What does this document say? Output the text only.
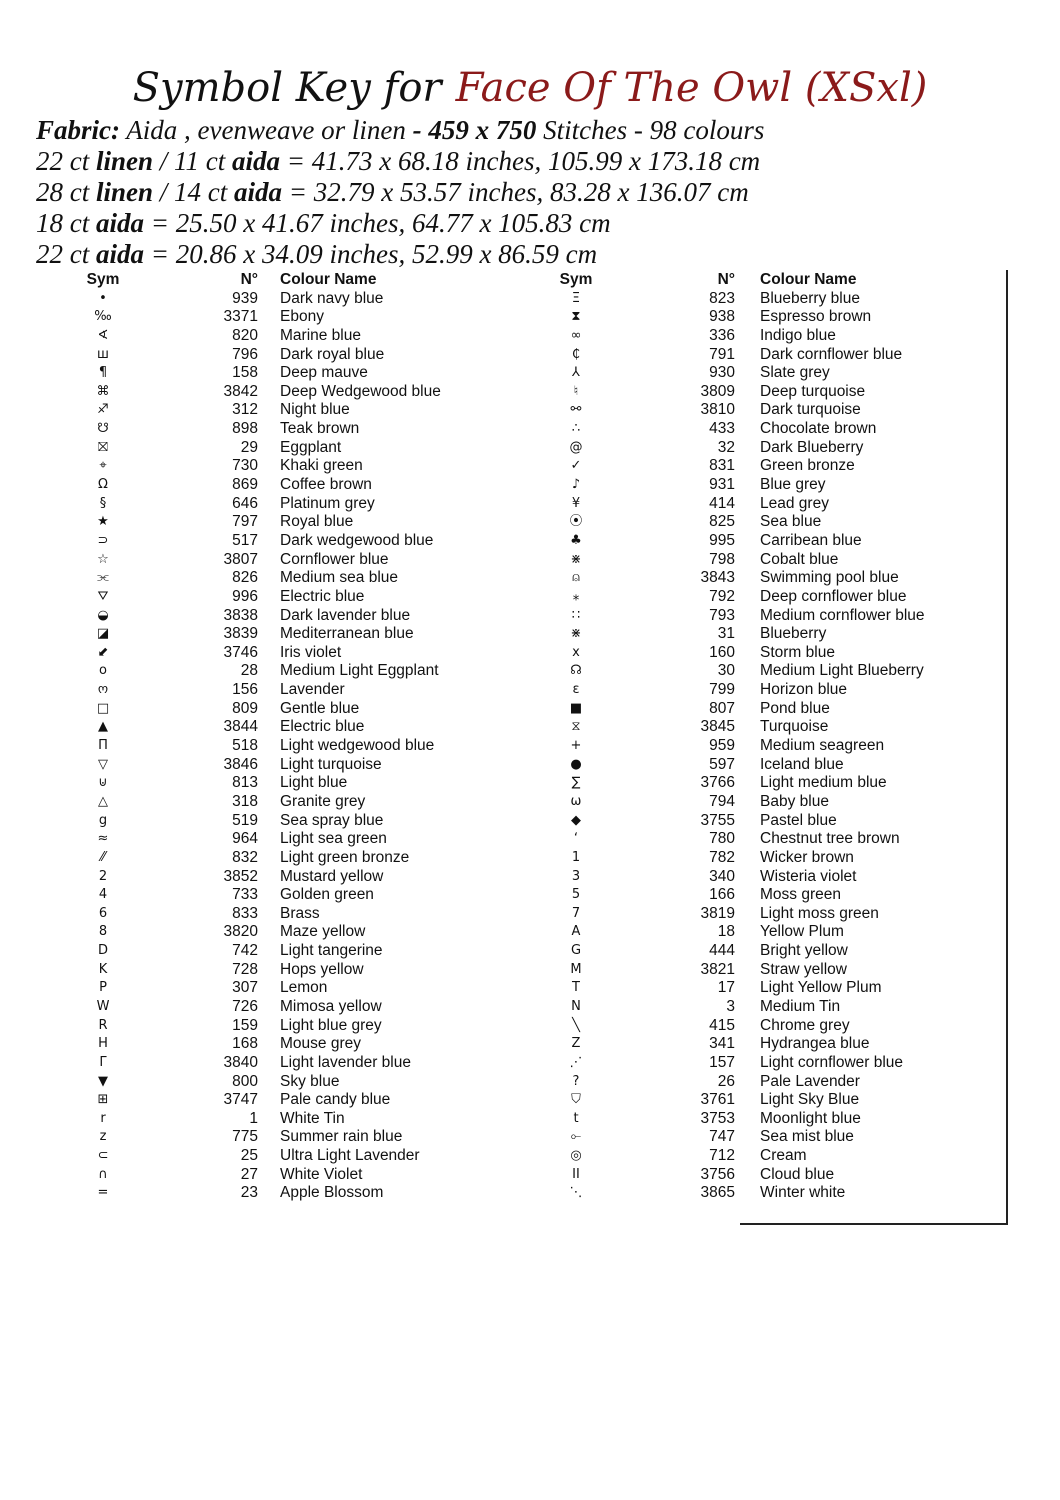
Symbol Key for Face Of The Owl (XSxl)
Fabric: Aida , evenweave or linen - 459 x 750 Stitches - 98 colours
22 ct linen / 11 ct aida = 41.73 x 68.18 inches, 105.99 x 173.18 cm
28 ct linen / 14 ct aida = 32.79 x 53.57 inches, 83.28 x 136.07 cm
18 ct aida = 25.50 x 41.67 inches, 64.77 x 105.83 cm
22 ct aida = 20.86 x 34.09 inches, 52.99 x 86.59 cm
Sym	N° Colour Name
•	939 Dark navy blue
‰	3371 Ebony
∢	820 Marine blue
ш	796 Dark royal blue
¶	158 Deep mauve
⌘	3842 Deep Wedgewood blue
♐	312 Night blue
☋	898 Teak brown
⛝	29 Eggplant
⌖	730 Khaki green
Ω	869 Coffee brown
§	646 Platinum grey
★	797 Royal blue
⊃	517 Dark wedgewood blue
☆	3807 Cornflower blue
⫘	826 Medium sea blue
⛛	996 Electric blue
◒	3838 Dark lavender blue
◪	3839 Mediterranean blue
⬋	3746 Iris violet
o	28 Medium Light Eggplant
ო	156 Lavender
□	809 Gentle blue
▲	3844 Electric blue
Π	518 Light wedgewood blue
▽	3846 Light turquoise
⊍	813 Light blue
△	318 Granite grey
g	519 Sea spray blue
≈	964 Light sea green
⁄⁄	832 Light green bronze
2	3852 Mustard yellow
4	733 Golden green
6	833 Brass
8	3820 Maze yellow
D	742 Light tangerine
K	728 Hops yellow
P	307 Lemon
W	726 Mimosa yellow
R	159 Light blue grey
H	168 Mouse grey
Γ	3840 Light lavender blue
▼	800 Sky blue
⊞	3747 Pale candy blue
r	1 White Tin
z	775 Summer rain blue
⊂	25 Ultra Light Lavender
∩	27 White Violet
=	23 Apple Blossom
Sym	N° Colour Name
Ξ	823 Blueberry blue
⧗	938 Espresso brown
∞	336 Indigo blue
₵	791 Dark cornflower blue
⅄	930 Slate grey
♮	3809 Deep turquoise
⚯	3810 Dark turquoise
∴	433 Chocolate brown
@	32 Dark Blueberry
✓	831 Green bronze
♪	931 Blue grey
¥	414 Lead grey
⦿	825 Sea blue
♣	995 Carribean blue
⋇	798 Cobalt blue
⍝	3843 Swimming pool blue
⁎	792 Deep cornflower blue
∷	793 Medium cornflower blue
⋇	31 Blueberry
x	160 Storm blue
☊	30 Medium Light Blueberry
ε	799 Horizon blue
■	807 Pond blue
⧖	3845 Turquoise
+	959 Medium seagreen
●	597 Iceland blue
∑	3766 Light medium blue
ω	794 Baby blue
◆	3755 Pastel blue
ʻ	780 Chestnut tree brown
1	782 Wicker brown
3	340 Wisteria violet
5	166 Moss green
7	3819 Light moss green
A	18 Yellow Plum
G	444 Bright yellow
M	3821 Straw yellow
T	17 Light Yellow Plum
N	3 Medium Tin
╲	415 Chrome grey
Z	341 Hydrangea blue
⋰	157 Light cornflower blue
?	26 Pale Lavender
⛉	3761 Light Sky Blue
t	3753 Moonlight blue
⟜	747 Sea mist blue
◎	712 Cream
II	3756 Cloud blue
⋱	3865 Winter white
